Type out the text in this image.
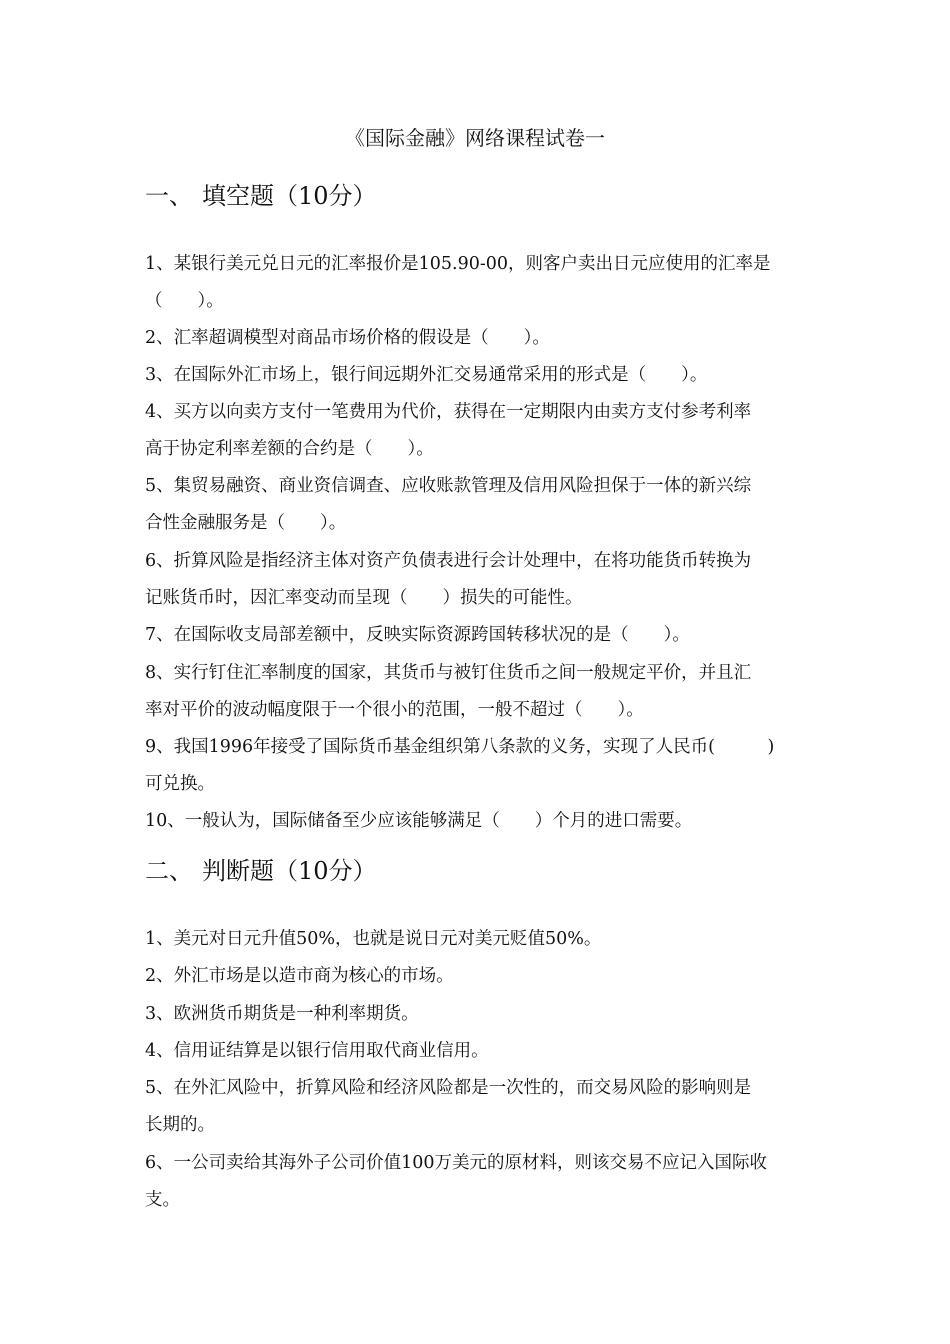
《国际金融》网络课程试卷一
一、 填空题（10分）
1、某银行美元兑日元的汇率报价是105.90-00，则客户卖出日元应使用的汇率是
（　　）。
2、汇率超调模型对商品市场价格的假设是（　　）。
3、在国际外汇市场上，银行间远期外汇交易通常采用的形式是（　　）。
4、买方以向卖方支付一笔费用为代价，获得在一定期限内由卖方支付参考利率
高于协定利率差额的合约是（　　）。
5、集贸易融资、商业资信调查、应收账款管理及信用风险担保于一体的新兴综
合性金融服务是（　　）。
6、折算风险是指经济主体对资产负债表进行会计处理中，在将功能货币转换为
记账货币时，因汇率变动而呈现（　　）损失的可能性。
7、在国际收支局部差额中，反映实际资源跨国转移状况的是（　　）。
8、实行钉住汇率制度的国家，其货币与被钉住货币之间一般规定平价，并且汇
率对平价的波动幅度限于一个很小的范围，一般不超过（　　）。
9、我国1996年接受了国际货币基金组织第八条款的义务，实现了人民币(　　　)
可兑换。
10、一般认为，国际储备至少应该能够满足（　　）个月的进口需要。
二、 判断题（10分）
1、美元对日元升值50%，也就是说日元对美元贬值50%。
2、外汇市场是以造市商为核心的市场。
3、欧洲货币期货是一种利率期货。
4、信用证结算是以银行信用取代商业信用。
5、在外汇风险中，折算风险和经济风险都是一次性的，而交易风险的影响则是
长期的。
6、一公司卖给其海外子公司价值100万美元的原材料，则该交易不应记入国际收
支。
